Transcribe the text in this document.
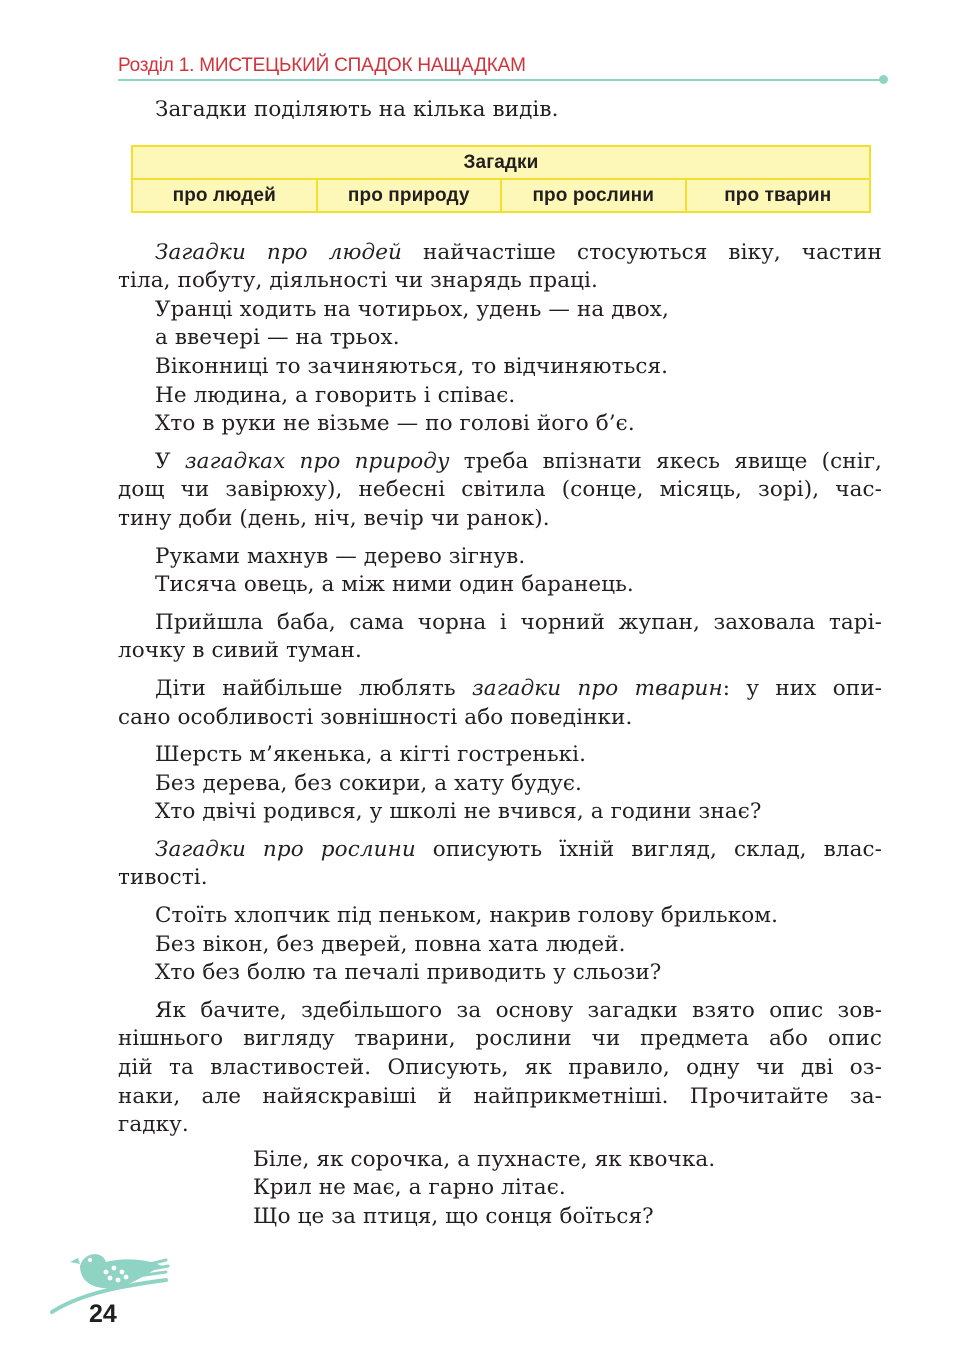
Розділ 1. МИСТЕЦЬКИЙ СПАДОК НАЩАДКАМ

Загадки поділяють на кілька видів.

Загадки
про людей	про природу	про рослини	про тварин

Загадки про людей найчастіше стосуються віку, частин

тіла, побуту, діяльності чи знарядь праці.

Уранці ходить на чотирьох, удень — на двох,

а ввечері — на трьох.

Віконниці то зачиняються, то відчиняються.

Не людина, а говорить і співає.

Хто в руки не візьме — по голові його б’є.

У загадках про природу треба впізнати якесь явище (сніг,

дощ чи завірюху), небесні світила (сонце, місяць, зорі), час-

тину доби (день, ніч, вечір чи ранок).

Руками махнув — дерево зігнув.

Тисяча овець, а між ними один баранець.

Прийшла баба, сама чорна і чорний жупан, заховала тарі-

лочку в сивий туман.

Діти найбільше люблять загадки про тварин: у них опи-

сано особливості зовнішності або поведінки.

Шерсть м’якенька, а кігті гостренькі.

Без дерева, без сокири, а хату будує.

Хто двічі родився, у школі не вчився, а години знає?

Загадки про рослини описують їхній вигляд, склад, влас-

тивості.

Стоїть хлопчик під пеньком, накрив голову брильком.

Без вікон, без дверей, повна хата людей.

Хто без болю та печалі приводить у сльози?

Як бачите, здебільшого за основу загадки взято опис зов-

нішнього вигляду тварини, рослини чи предмета або опис

дій та властивостей. Описують, як правило, одну чи дві оз-

наки, але найяскравіші й найприкметніші. Прочитайте за-

гадку.

Біле, як сорочка, а пухнасте, як квочка.

Крил не має, а гарно літає.

Що це за птиця, що сонця боїться?

24
